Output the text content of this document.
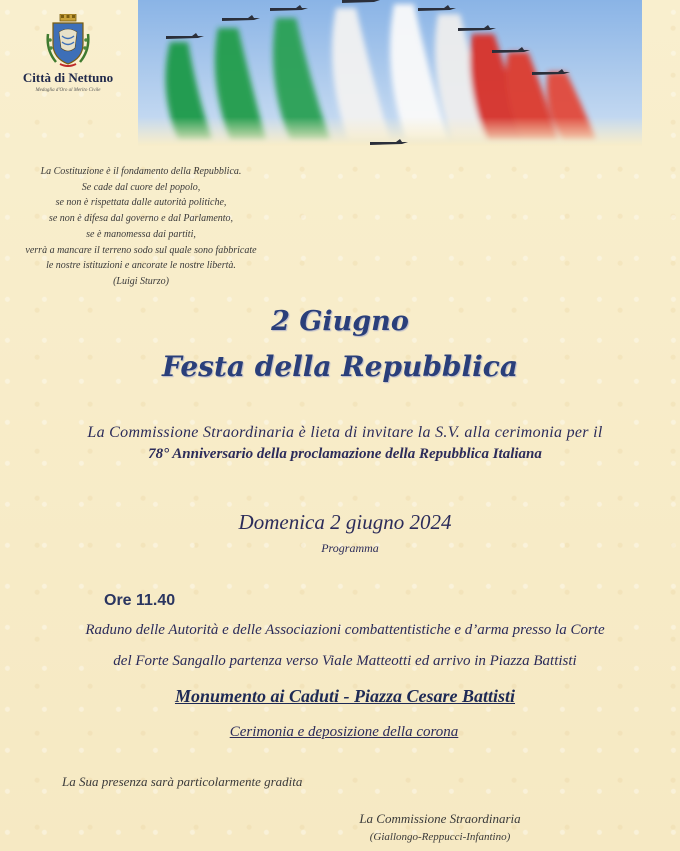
Città di Nettuno
Medaglia d'Oro al Merito Civile
La Costituzione è il fondamento della Repubblica.
Se cade dal cuore del popolo,
se non è rispettata dalle autorità politiche,
se non è difesa dal governo e dal Parlamento,
se è manomessa dai partiti,
verrà a mancare il terreno sodo sul quale sono fabbricate
le nostre istituzioni e ancorate le nostre libertà.
(Luigi Sturzo)
2 Giugno
Festa della Repubblica
La Commissione Straordinaria è lieta di invitare la S.V. alla cerimonia per il
78° Anniversario della proclamazione della Repubblica Italiana
Domenica 2 giugno 2024
Programma
Ore 11.40
Raduno delle Autorità e delle Associazioni combattentistiche e d’arma presso la Corte
del Forte Sangallo partenza verso Viale Matteotti ed arrivo in Piazza Battisti
Monumento ai Caduti - Piazza Cesare Battisti
Cerimonia e deposizione della corona
La Sua presenza sarà particolarmente gradita
La Commissione Straordinaria
(Giallongo-Reppucci-Infantino)
